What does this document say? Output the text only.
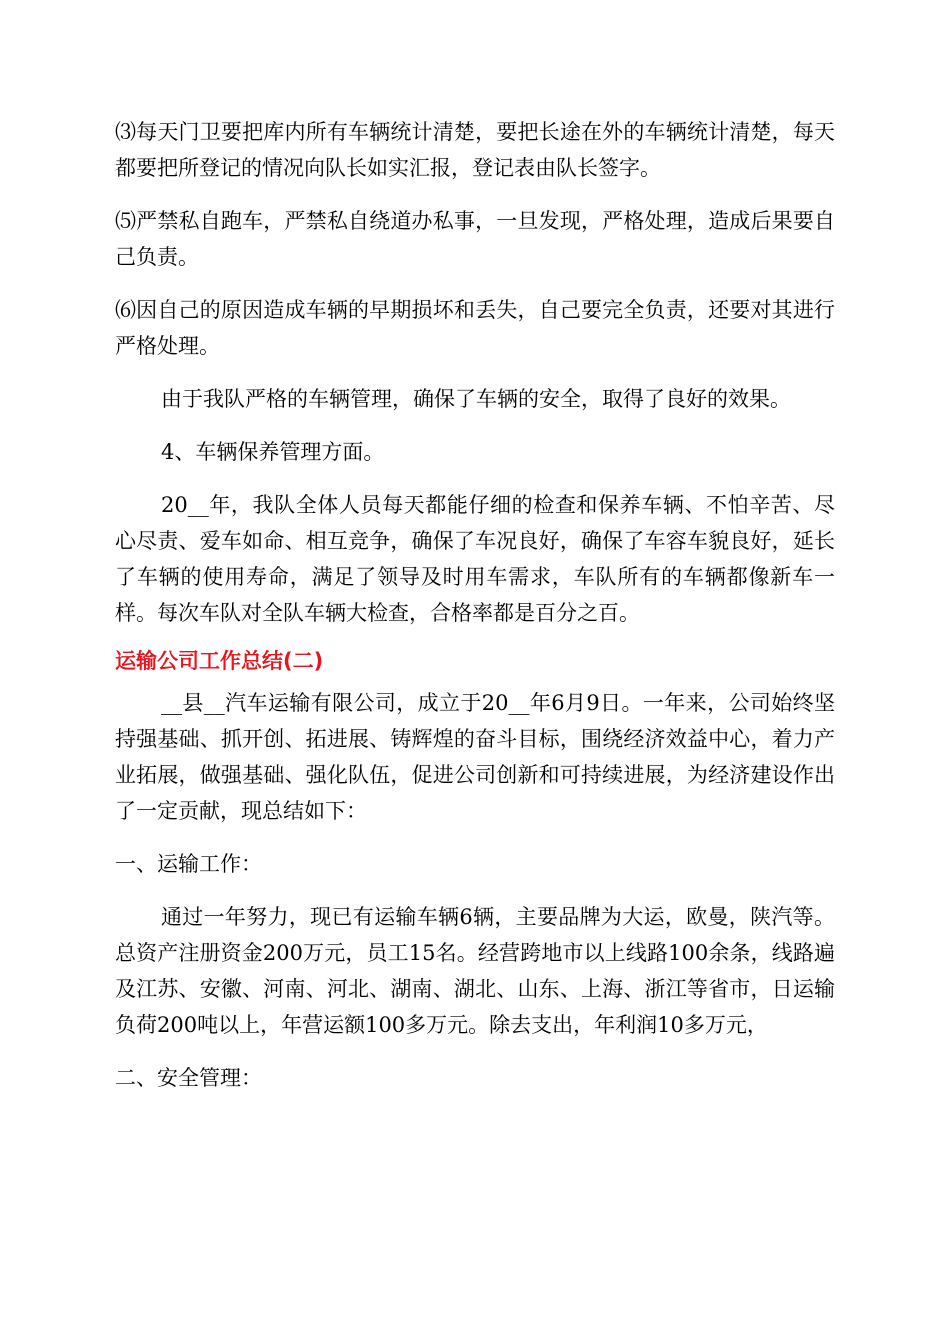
⑶每天门卫要把库内所有车辆统计清楚，要把长途在外的车辆统计清楚，每天都要把所登记的情况向队长如实汇报，登记表由队长签字。

⑸严禁私自跑车，严禁私自绕道办私事，一旦发现，严格处理，造成后果要自己负责。

⑹因自己的原因造成车辆的早期损坏和丢失，自己要完全负责，还要对其进行严格处理。

由于我队严格的车辆管理，确保了车辆的安全，取得了良好的效果。

4、车辆保养管理方面。

20__年，我队全体人员每天都能仔细的检查和保养车辆、不怕辛苦、尽心尽责、爱车如命、相互竞争，确保了车况良好，确保了车容车貌良好，延长了车辆的使用寿命，满足了领导及时用车需求，车队所有的车辆都像新车一样。每次车队对全队车辆大检查，合格率都是百分之百。

运输公司工作总结(二)

__县__汽车运输有限公司，成立于20__年6月9日。一年来，公司始终坚持强基础、抓开创、拓进展、铸辉煌的奋斗目标，围绕经济效益中心，着力产业拓展，做强基础、强化队伍，促进公司创新和可持续进展，为经济建设作出了一定贡献，现总结如下：

一、运输工作：

通过一年努力，现已有运输车辆6辆，主要品牌为大运，欧曼，陕汽等。总资产注册资金200万元，员工15名。经营跨地市以上线路100余条，线路遍及江苏、安徽、河南、河北、湖南、湖北、山东、上海、浙江等省市，日运输负荷200吨以上，年营运额100多万元。除去支出，年利润10多万元，

二、安全管理：
